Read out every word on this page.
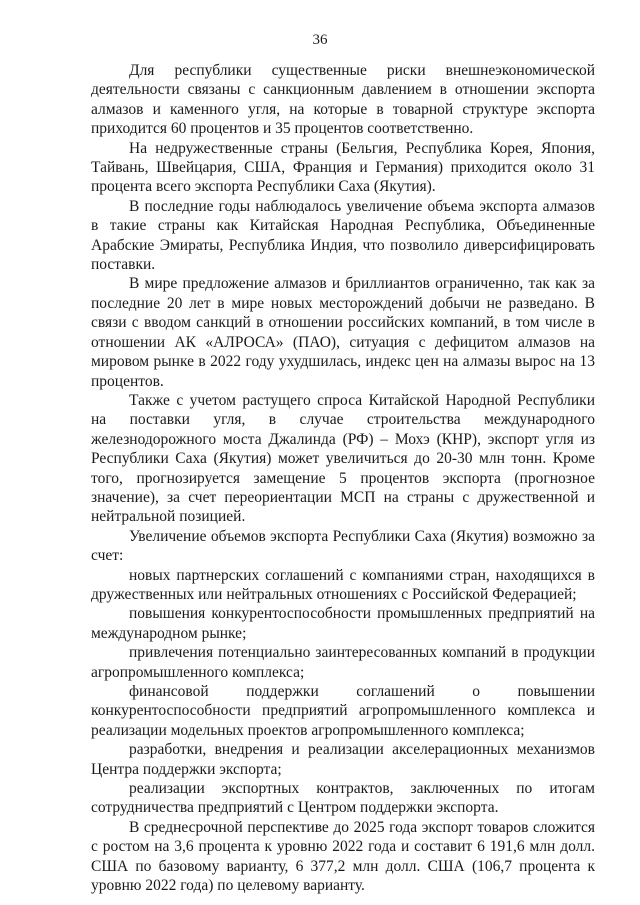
36

Для республики существенные риски внешнеэкономической деятельности связаны с санкционным давлением в отношении экспорта алмазов и каменного угля, на которые в товарной структуре экспорта приходится 60 процентов и 35 процентов соответственно.

На недружественные страны (Бельгия, Республика Корея, Япония, Тайвань, Швейцария, США, Франция и Германия) приходится около 31 процента всего экспорта Республики Саха (Якутия).

В последние годы наблюдалось увеличение объема экспорта алмазов в такие страны как Китайская Народная Республика, Объединенные Арабские Эмираты, Республика Индия, что позволило диверсифицировать поставки.

В мире предложение алмазов и бриллиантов ограниченно, так как за последние 20 лет в мире новых месторождений добычи не разведано. В связи с вводом санкций в отношении российских компаний, в том числе в отношении АК «АЛРОСА» (ПАО), ситуация с дефицитом алмазов на мировом рынке в 2022 году ухудшилась, индекс цен на алмазы вырос на 13 процентов.

Также с учетом растущего спроса Китайской Народной Республики на поставки угля, в случае строительства международного железнодорожного моста Джалинда (РФ) – Мохэ (КНР), экспорт угля из Республики Саха (Якутия) может увеличиться до 20-30 млн тонн. Кроме того, прогнозируется замещение 5 процентов экспорта (прогнозное значение), за счет переориентации МСП на страны с дружественной и нейтральной позицией.

Увеличение объемов экспорта Республики Саха (Якутия) возможно за счет:

новых партнерских соглашений с компаниями стран, находящихся в дружественных или нейтральных отношениях с Российской Федерацией;

повышения конкурентоспособности промышленных предприятий на международном рынке;

привлечения потенциально заинтересованных компаний в продукции агропромышленного комплекса;

финансовой поддержки соглашений о повышении конкурентоспособности предприятий агропромышленного комплекса и реализации модельных проектов агропромышленного комплекса;

разработки, внедрения и реализации акселерационных механизмов Центра поддержки экспорта;

реализации экспортных контрактов, заключенных по итогам сотрудничества предприятий с Центром поддержки экспорта.

В среднесрочной перспективе до 2025 года экспорт товаров сложится с ростом на 3,6 процента к уровню 2022 года и составит 6 191,6 млн долл. США по базовому варианту, 6 377,2 млн долл. США (106,7 процента к уровню 2022 года) по целевому варианту.
